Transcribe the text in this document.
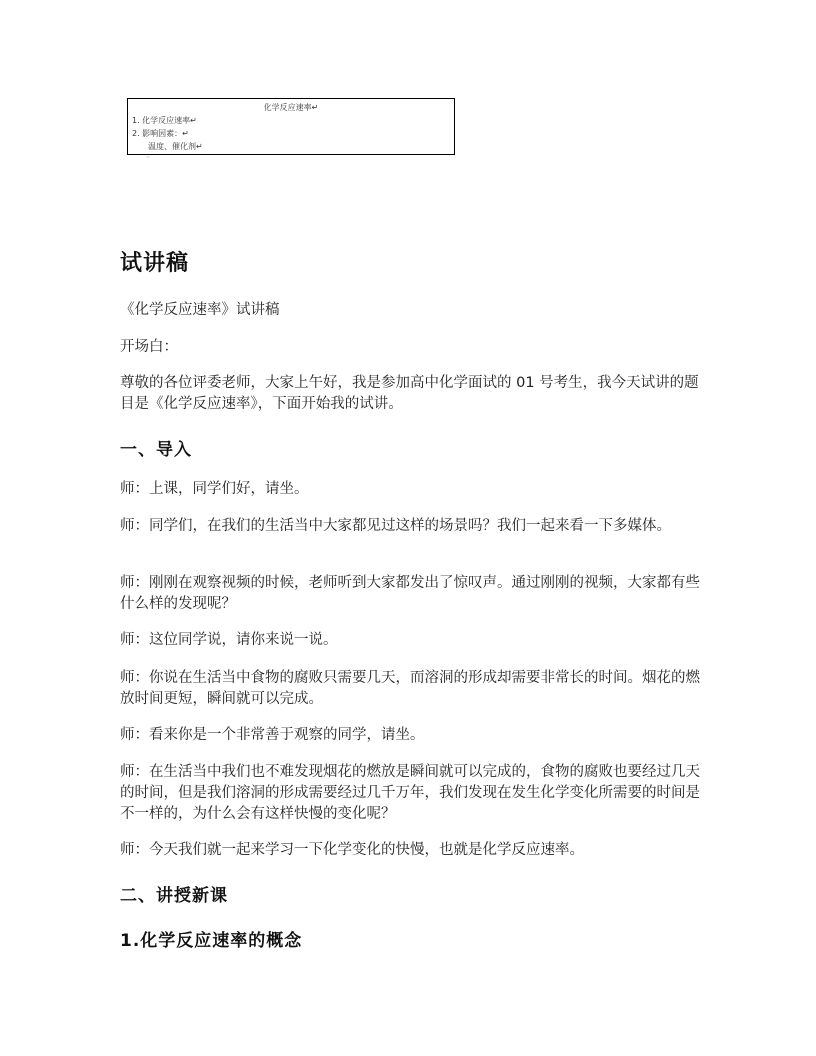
化学反应速率↵
1. 化学反应速率↵
2. 影响因素：↵
温度、催化剂↵
~
试讲稿
《化学反应速率》试讲稿
开场白：
尊敬的各位评委老师，大家上午好，我是参加高中化学面试的 01 号考生，我今天试讲的题目是《化学反应速率》，下面开始我的试讲。
一、导入
师：上课，同学们好，请坐。
师：同学们，在我们的生活当中大家都见过这样的场景吗？我们一起来看一下多媒体。
师：刚刚在观察视频的时候，老师听到大家都发出了惊叹声。通过刚刚的视频，大家都有些什么样的发现呢？
师：这位同学说，请你来说一说。
师：你说在生活当中食物的腐败只需要几天，而溶洞的形成却需要非常长的时间。烟花的燃放时间更短，瞬间就可以完成。
师：看来你是一个非常善于观察的同学，请坐。
师：在生活当中我们也不难发现烟花的燃放是瞬间就可以完成的，食物的腐败也要经过几天的时间，但是我们溶洞的形成需要经过几千万年，我们发现在发生化学变化所需要的时间是不一样的，为什么会有这样快慢的变化呢？
师：今天我们就一起来学习一下化学变化的快慢，也就是化学反应速率。
二、讲授新课
1.化学反应速率的概念
